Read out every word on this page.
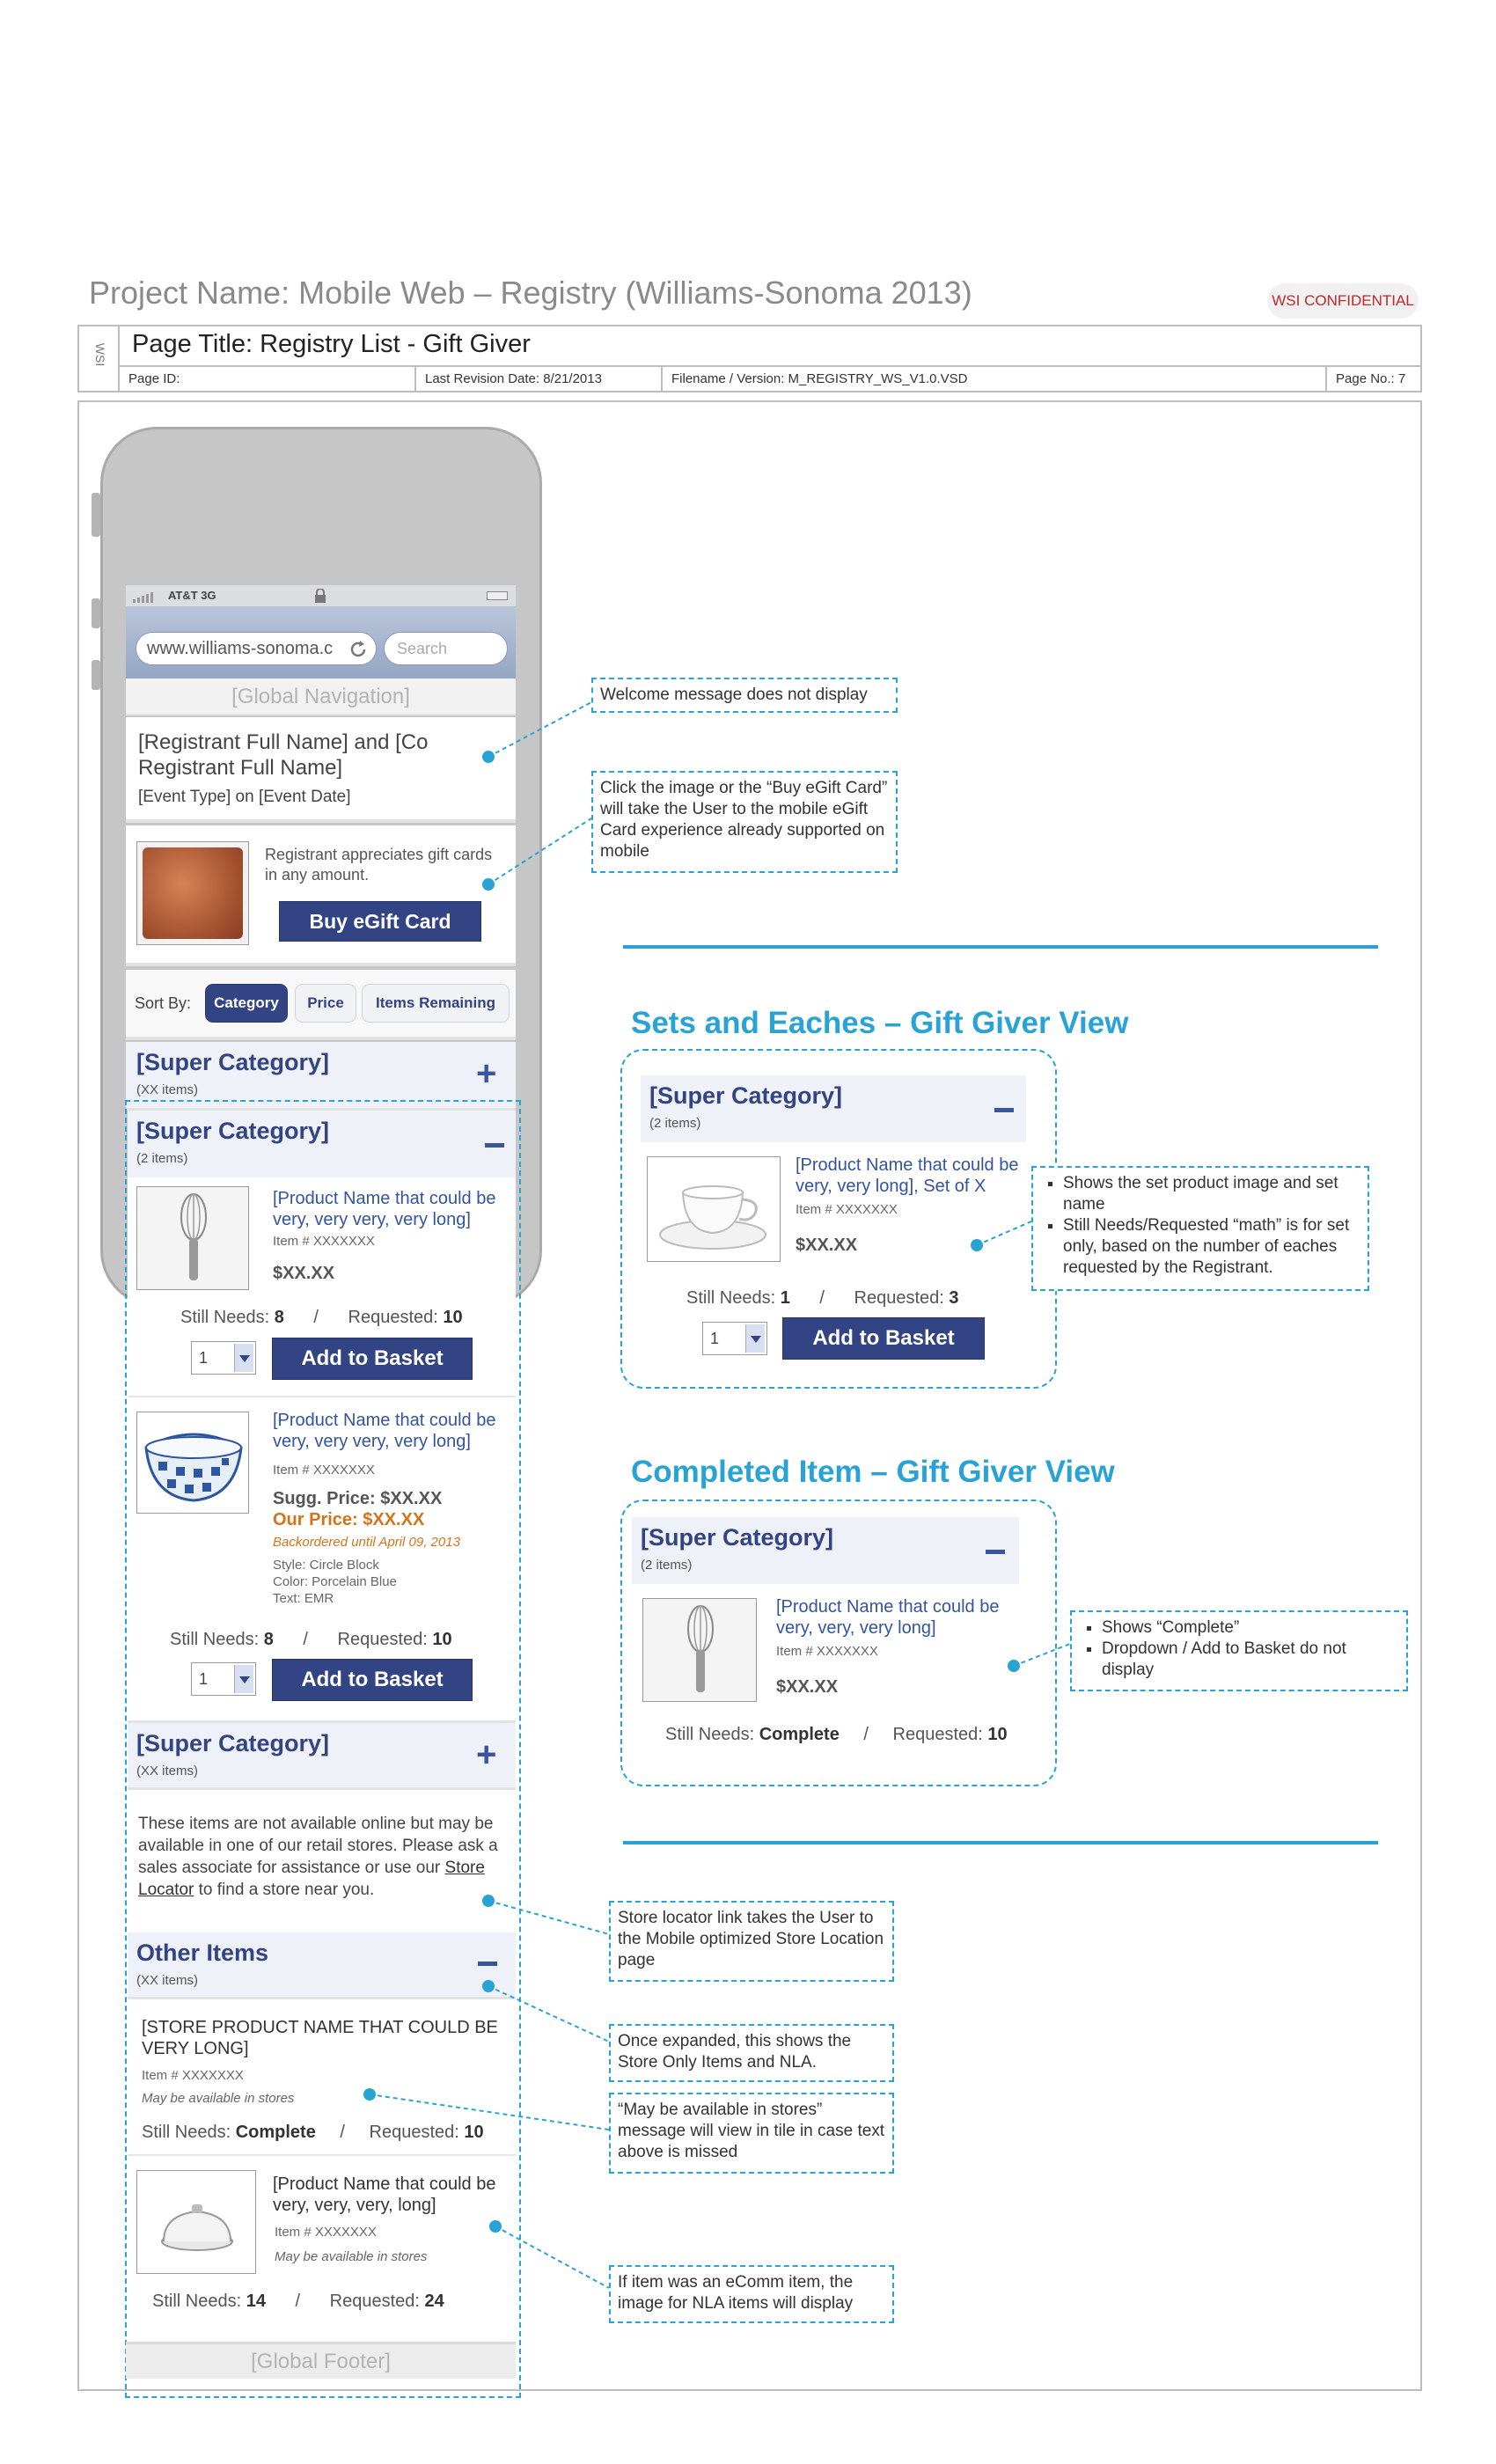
Project Name: Mobile Web – Registry (Williams-Sonoma 2013)	WSI CONFIDENTIAL
WSI Page Title: Registry List - Gift Giver
Page ID:	Last Revision Date: 8/21/2013	Filename / Version: M_REGISTRY_WS_V1.0.VSD	Page No.: 7
AT&T 3G
www.williams-sonoma.c	Search
[Global Navigation]
[Registrant Full Name] and [Co Registrant Full Name]
[Event Type] on [Event Date]
Registrant appreciates gift cards in any amount.
Buy eGift Card
Sort By:	Category	Price	Items Remaining
[Super Category]
(XX items)	+
[Super Category]
(2 items)
[Product Name that could be very, very very, very long]
Item # XXXXXXX
$XX.XX
Still Needs: 8 / Requested: 10
1	Add to Basket
[Product Name that could be very, very very, very long]
Item # XXXXXXX
Sugg. Price: $XX.XX
Our Price: $XX.XX
Backordered until April 09, 2013
Style: Circle Block
Color: Porcelain Blue
Text: EMR
Still Needs: 8 / Requested: 10
1	Add to Basket
[Super Category]
(XX items)	+
These items are not available online but may be available in one of our retail stores. Please ask a sales associate for assistance or use our Store Locator to find a store near you.
Other Items
(XX items)
[STORE PRODUCT NAME THAT COULD BE VERY LONG]
Item # XXXXXXX
May be available in stores
Still Needs: Complete / Requested: 10
[Product Name that could be very, very, very, long]
Item # XXXXXXX
May be available in stores
Still Needs: 14 / Requested: 24
[Global Footer]
Welcome message does not display
Click the image or the “Buy eGift Card” will take the User to the mobile eGift Card experience already supported on mobile
Sets and Eaches – Gift Giver View
[Super Category]
(2 items)
[Product Name that could be very, very long], Set of X
Item # XXXXXXX
$XX.XX
Still Needs: 1 / Requested: 3
1	Add to Basket
▪ Shows the set product image and set name
▪ Still Needs/Requested “math” is for set only, based on the number of eaches requested by the Registrant.
Completed Item – Gift Giver View
[Super Category]
(2 items)
[Product Name that could be very, very, very long]
Item # XXXXXXX
$XX.XX
Still Needs: Complete / Requested: 10
▪ Shows “Complete”
▪ Dropdown / Add to Basket do not display
Store locator link takes the User to the Mobile optimized Store Location page
Once expanded, this shows the Store Only Items and NLA.
“May be available in stores” message will view in tile in case text above is missed
If item was an eComm item, the image for NLA items will display
